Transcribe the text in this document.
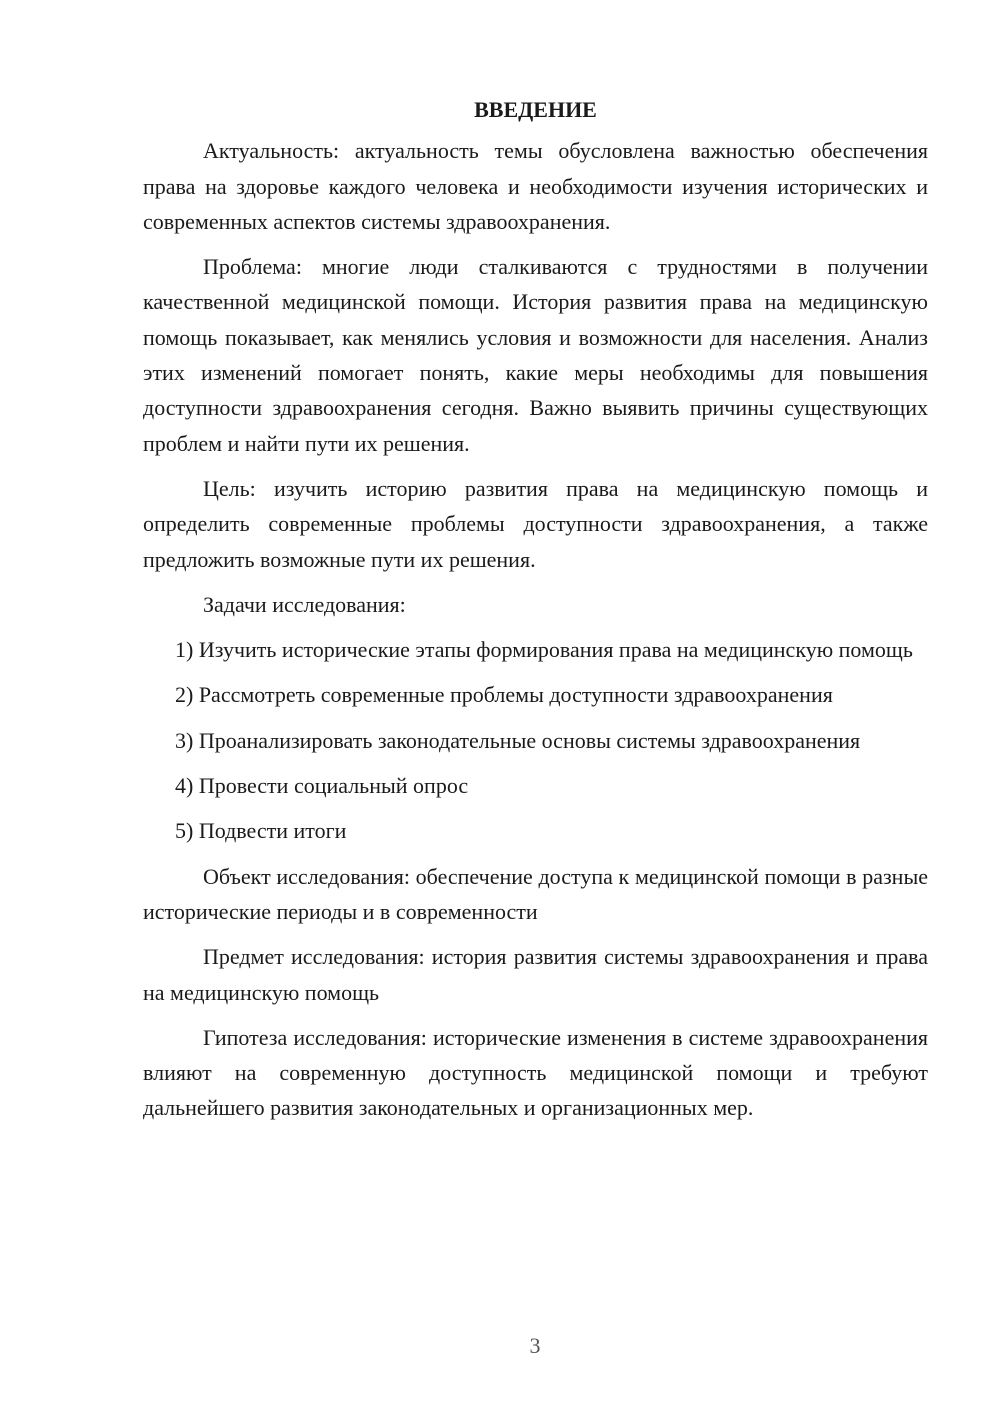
ВВЕДЕНИЕ

Актуальность: актуальность темы обусловлена важностью обеспечения права на здоровье каждого человека и необходимости изучения исторических и современных аспектов системы здравоохранения.

Проблема: многие люди сталкиваются с трудностями в получении качественной медицинской помощи. История развития права на медицинскую помощь показывает, как менялись условия и возможности для населения. Анализ этих изменений помогает понять, какие меры необходимы для повышения доступности здравоохранения сегодня. Важно выявить причины существующих проблем и найти пути их решения.

Цель: изучить историю развития права на медицинскую помощь и определить современные проблемы доступности здравоохранения, а также предложить возможные пути их решения.

Задачи исследования:

1) Изучить исторические этапы формирования права на медицинскую помощь

2) Рассмотреть современные проблемы доступности здравоохранения

3) Проанализировать законодательные основы системы здравоохранения

4) Провести социальный опрос

5) Подвести итоги

Объект исследования: обеспечение доступа к медицинской помощи в разные исторические периоды и в современности

Предмет исследования: история развития системы здравоохранения и права на медицинскую помощь

Гипотеза исследования: исторические изменения в системе здравоохранения влияют на современную доступность медицинской помощи и требуют дальнейшего развития законодательных и организационных мер.

3
